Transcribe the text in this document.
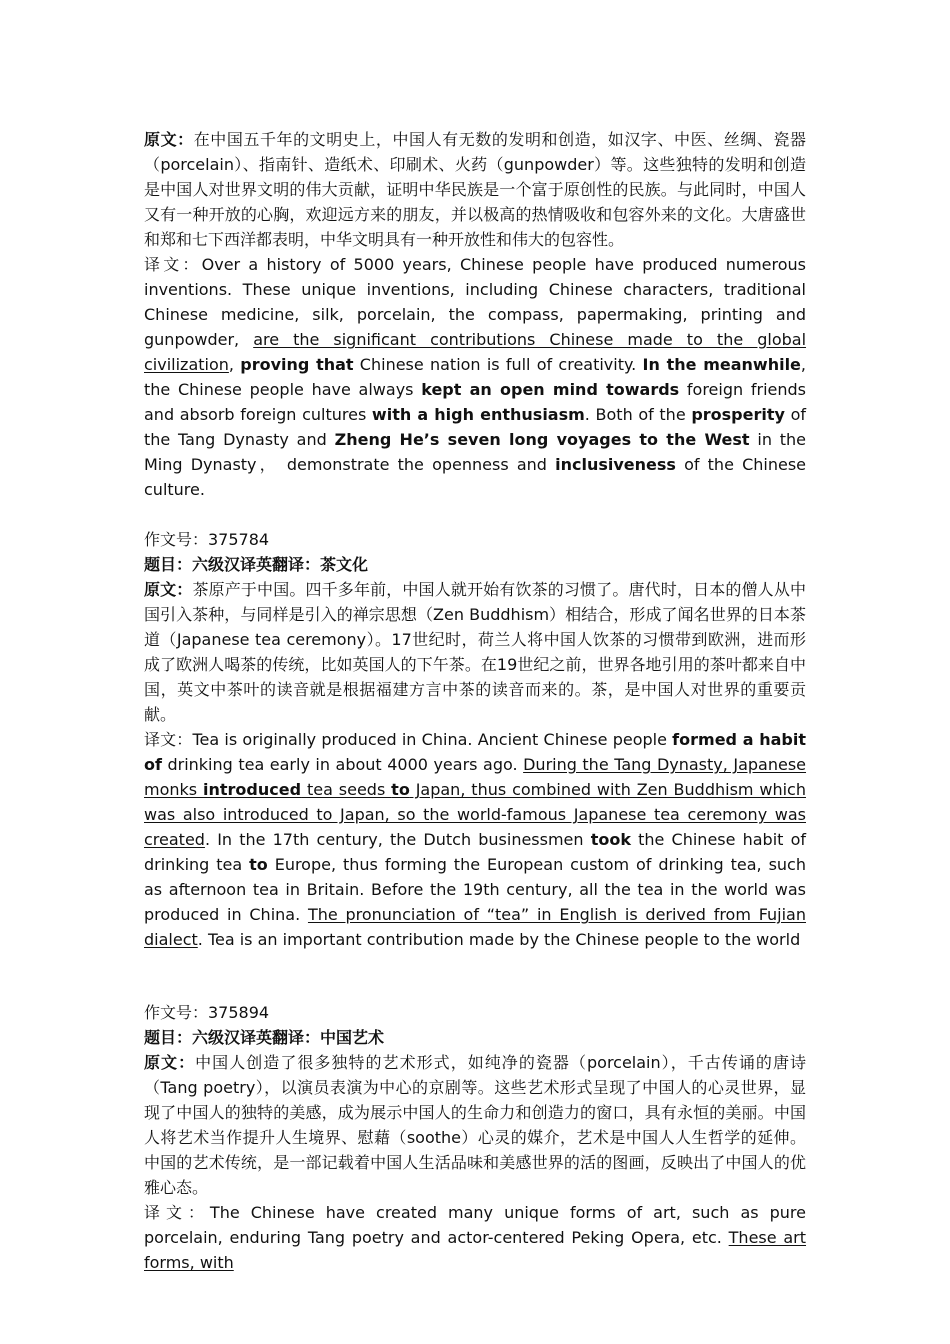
原文：在中国五千年的文明史上，中国人有无数的发明和创造，如汉字、中医、丝绸、瓷器（porcelain）、指南针、造纸术、印刷术、火药（gunpowder）等。这些独特的发明和创造是中国人对世界文明的伟大贡献，证明中华民族是一个富于原创性的民族。与此同时，中国人又有一种开放的心胸，欢迎远方来的朋友，并以极高的热情吸收和包容外来的文化。大唐盛世和郑和七下西洋都表明，中华文明具有一种开放性和伟大的包容性。

译文：Over a history of 5000 years, Chinese people have produced numerous inventions. These unique inventions, including Chinese characters, traditional Chinese medicine, silk, porcelain, the compass, papermaking, printing and gunpowder, are the significant contributions Chinese made to the global civilization, proving that Chinese nation is full of creativity. In the meanwhile, the Chinese people have always kept an open mind towards foreign friends and absorb foreign cultures with a high enthusiasm. Both of the prosperity of the Tang Dynasty and Zheng He’s seven long voyages to the West in the Ming Dynasty， demonstrate the openness and inclusiveness of the Chinese culture.

作文号：375784

题目：六级汉译英翻译：茶文化

原文：茶原产于中国。四千多年前，中国人就开始有饮茶的习惯了。唐代时，日本的僧人从中国引入茶种，与同样是引入的禅宗思想（Zen Buddhism）相结合，形成了闻名世界的日本茶道（Japanese tea ceremony）。17世纪时，荷兰人将中国人饮茶的习惯带到欧洲，进而形成了欧洲人喝茶的传统，比如英国人的下午茶。在19世纪之前，世界各地引用的茶叶都来自中国，英文中茶叶的读音就是根据福建方言中茶的读音而来的。茶，是中国人对世界的重要贡献。

译文：Tea is originally produced in China. Ancient Chinese people formed a habit of drinking tea early in about 4000 years ago. During the Tang Dynasty, Japanese monks introduced tea seeds to Japan, thus combined with Zen Buddhism which was also introduced to Japan, so the world-famous Japanese tea ceremony was created. In the 17th century, the Dutch businessmen took the Chinese habit of drinking tea to Europe, thus forming the European custom of drinking tea, such as afternoon tea in Britain. Before the 19th century, all the tea in the world was produced in China. The pronunciation of “tea” in English is derived from Fujian dialect. Tea is an important contribution made by the Chinese people to the world

作文号：375894

题目：六级汉译英翻译：中国艺术

原文：中国人创造了很多独特的艺术形式，如纯净的瓷器（porcelain），千古传诵的唐诗（Tang poetry），以演员表演为中心的京剧等。这些艺术形式呈现了中国人的心灵世界，显现了中国人的独特的美感，成为展示中国人的生命力和创造力的窗口，具有永恒的美丽。中国人将艺术当作提升人生境界、慰藉（soothe）心灵的媒介，艺术是中国人人生哲学的延伸。中国的艺术传统，是一部记载着中国人生活品味和美感世界的活的图画，反映出了中国人的优雅心态。

译文：The Chinese have created many unique forms of art, such as pure porcelain, enduring Tang poetry and actor-centered Peking Opera, etc. These art forms, with
